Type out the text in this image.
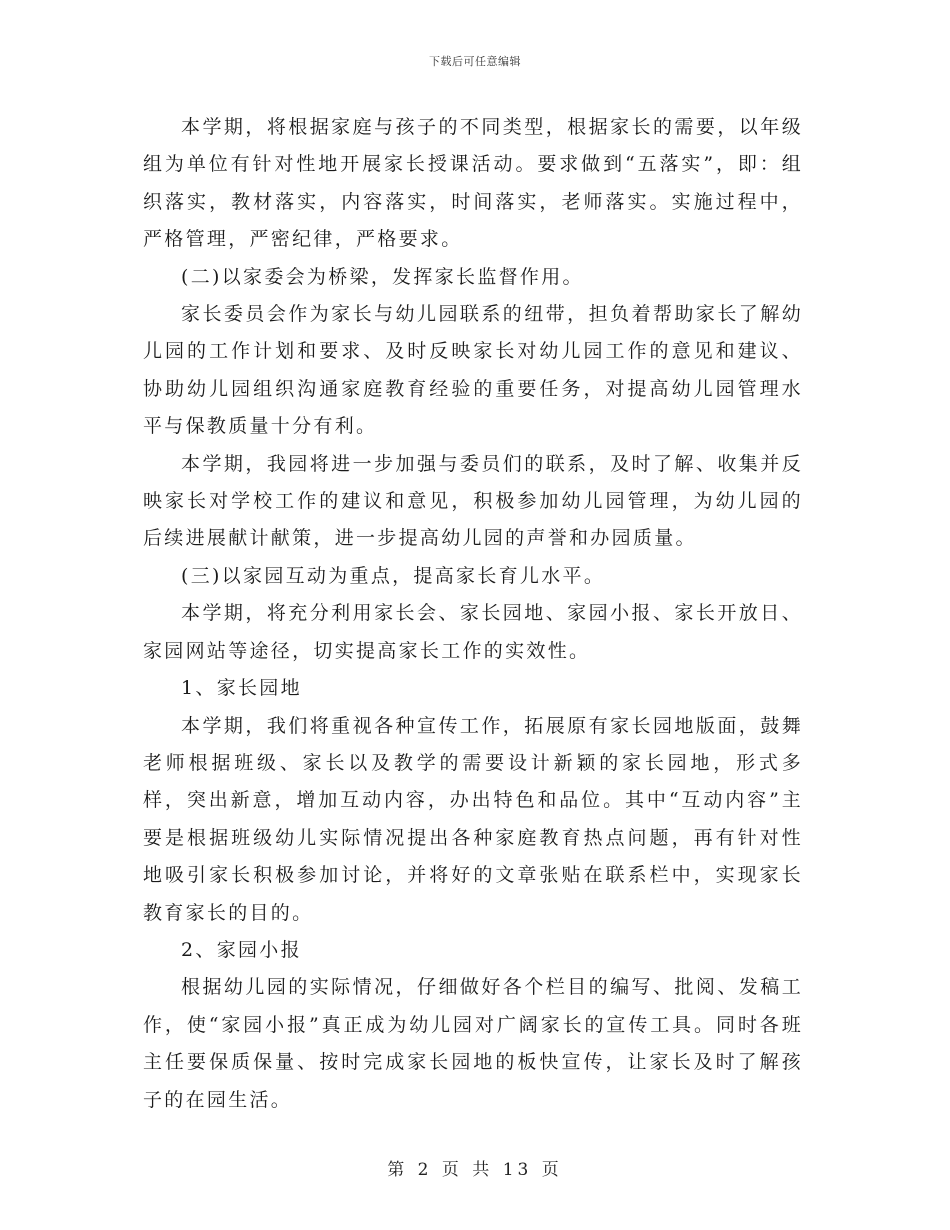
下载后可任意编辑

本学期，将根据家庭与孩子的不同类型，根据家长的需要，以年级组为单位有针对性地开展家长授课活动。要求做到“五落实”，即：组织落实，教材落实，内容落实，时间落实，老师落实。实施过程中，严格管理，严密纪律，严格要求。

(二)以家委会为桥梁，发挥家长监督作用。

家长委员会作为家长与幼儿园联系的纽带，担负着帮助家长了解幼儿园的工作计划和要求、及时反映家长对幼儿园工作的意见和建议、协助幼儿园组织沟通家庭教育经验的重要任务，对提高幼儿园管理水平与保教质量十分有利。

本学期，我园将进一步加强与委员们的联系，及时了解、收集并反映家长对学校工作的建议和意见，积极参加幼儿园管理，为幼儿园的后续进展献计献策，进一步提高幼儿园的声誉和办园质量。

(三)以家园互动为重点，提高家长育儿水平。

本学期，将充分利用家长会、家长园地、家园小报、家长开放日、家园网站等途径，切实提高家长工作的实效性。

1、家长园地

本学期，我们将重视各种宣传工作，拓展原有家长园地版面，鼓舞老师根据班级、家长以及教学的需要设计新颖的家长园地，形式多样，突出新意，增加互动内容，办出特色和品位。其中“互动内容”主要是根据班级幼儿实际情况提出各种家庭教育热点问题，再有针对性地吸引家长积极参加讨论，并将好的文章张贴在联系栏中，实现家长教育家长的目的。

2、家园小报

根据幼儿园的实际情况，仔细做好各个栏目的编写、批阅、发稿工作，使“家园小报”真正成为幼儿园对广阔家长的宣传工具。同时各班主任要保质保量、按时完成家长园地的板快宣传，让家长及时了解孩子的在园生活。

第 2 页 共 13 页
